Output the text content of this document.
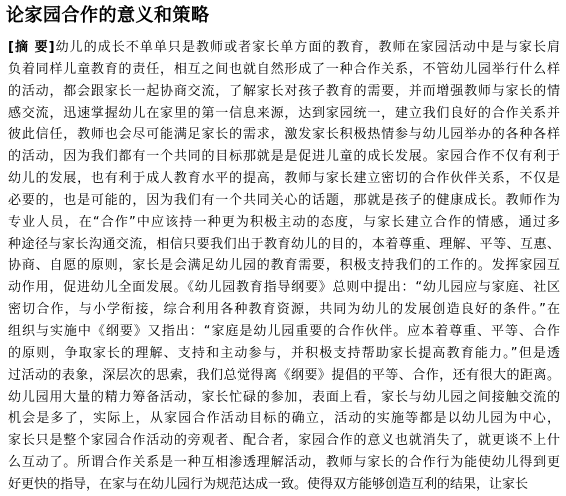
论家园合作的意义和策略
[摘 要]幼儿的成长不单单只是教师或者家长单方面的教育，教师在家园活动中是与家长肩
负着同样儿童教育的责任，相互之间也就自然形成了一种合作关系，不管幼儿园举行什么样
的活动，都会跟家长一起协商交流，了解家长对孩子教育的需要，并而增强教师与家长的情
感交流，迅速掌握幼儿在家里的第一信息来源，达到家园统一，建立我们良好的合作关系并
彼此信任，教师也会尽可能满足家长的需求，激发家长积极热情参与幼儿园举办的各种各样
的活动，因为我们都有一个共同的目标那就是是促进儿童的成长发展。家园合作不仅有利于
幼儿的发展，也有利于成人教育水平的提高，教师与家长建立密切的合作伙伴关系，不仅是
必要的，也是可能的，因为我们有一个共同关心的话题，那就是孩子的健康成长。教师作为
专业人员，在“合作”中应该持一种更为积极主动的态度，与家长建立合作的情感，通过多
种途径与家长沟通交流，相信只要我们出于教育幼儿的目的，本着尊重、理解、平等、互惠、
协商、自愿的原则，家长是会满足幼儿园的教育需要，积极支持我们的工作的。发挥家园互
动作用，促进幼儿全面发展。《幼儿园教育指导纲要》总则中提出：“幼儿园应与家庭、社区
密切合作，与小学衔接，综合利用各种教育资源，共同为幼儿的发展创造良好的条件。”在
组织与实施中《纲要》又指出：“家庭是幼儿园重要的合作伙伴。应本着尊重、平等、合作
的原则，争取家长的理解、支持和主动参与，并积极支持帮助家长提高教育能力。”但是透
过活动的表象，深层次的思索，我们总觉得离《纲要》提倡的平等、合作，还有很大的距离。
幼儿园用大量的精力筹备活动，家长忙碌的参加，表面上看，家长与幼儿园之间接触交流的
机会是多了，实际上，从家园合作活动目标的确立，活动的实施等都是以幼儿园为中心，
家长只是整个家园合作活动的旁观者、配合者，家园合作的意义也就消失了，就更谈不上什
么互动了。所谓合作关系是一种互相渗透理解活动，教师与家长的合作行为能使幼儿得到更
好更快的指导，在家与在幼儿园行为规范达成一致。使得双方能够创造互利的结果，让家长
